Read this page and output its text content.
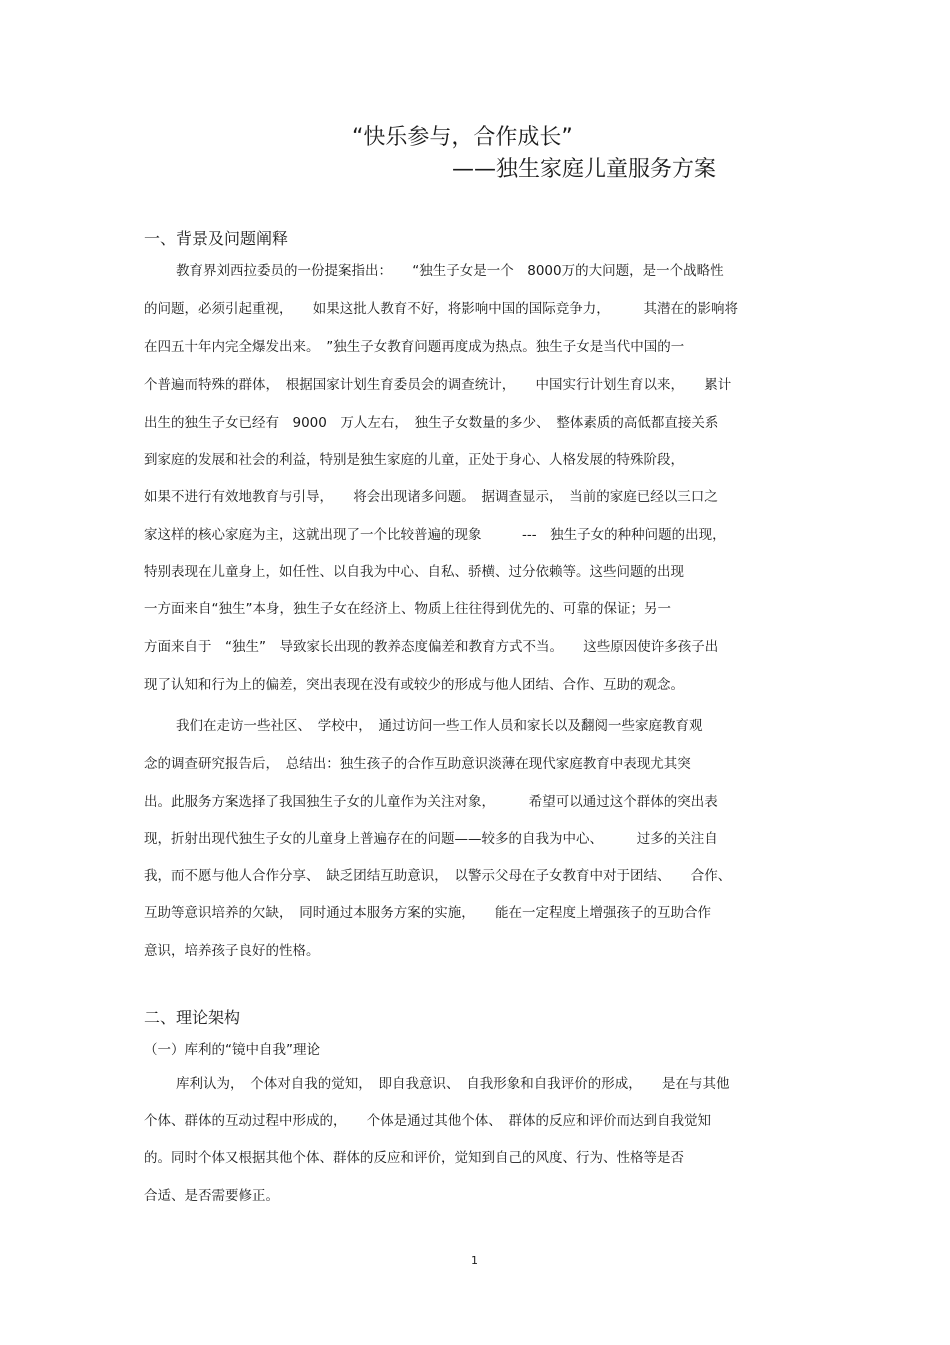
“快乐参与，合作成长”
——独生家庭儿童服务方案
一、背景及问题阐释
教育界刘西拉委员的一份提案指出：　　“独生子女是一个　8000万的大问题，是一个战略性
的问题，必须引起重视，　　如果这批人教育不好，将影响中国的国际竞争力，　　　其潜在的影响将
在四五十年内完全爆发出来。　”独生子女教育问题再度成为热点。独生子女是当代中国的一
个普遍而特殊的群体，　根据国家计划生育委员会的调查统计，　　中国实行计划生育以来，　　累计
出生的独生子女已经有　9000　万人左右，　独生子女数量的多少、　整体素质的高低都直接关系
到家庭的发展和社会的利益，特别是独生家庭的儿童，正处于身心、人格发展的特殊阶段，
如果不进行有效地教育与引导，　　将会出现诸多问题。　据调查显示，　当前的家庭已经以三口之
家这样的核心家庭为主，这就出现了一个比较普遍的现象　　　---　独生子女的种种问题的出现，
特别表现在儿童身上，如任性、以自我为中心、自私、骄横、过分依赖等。这些问题的出现
一方面来自“独生”本身，独生子女在经济上、物质上往往得到优先的、可靠的保证；另一
方面来自于　“独生”　导致家长出现的教养态度偏差和教育方式不当。　　这些原因使许多孩子出
现了认知和行为上的偏差，突出表现在没有或较少的形成与他人团结、合作、互助的观念。
我们在走访一些社区、　学校中，　通过访问一些工作人员和家长以及翻阅一些家庭教育观
念的调查研究报告后，　总结出：独生孩子的合作互助意识淡薄在现代家庭教育中表现尤其突
出。此服务方案选择了我国独生子女的儿童作为关注对象，　　　希望可以通过这个群体的突出表
现，折射出现代独生子女的儿童身上普遍存在的问题——较多的自我为中心、　　　过多的关注自
我，而不愿与他人合作分享、　缺乏团结互助意识，　以警示父母在子女教育中对于团结、　　合作、
互助等意识培养的欠缺，　同时通过本服务方案的实施，　　能在一定程度上增强孩子的互助合作
意识，培养孩子良好的性格。
二、理论架构
（一）库利的“镜中自我”理论
库利认为，　个体对自我的觉知，　即自我意识、　自我形象和自我评价的形成，　　是在与其他
个体、群体的互动过程中形成的，　　个体是通过其他个体、　群体的反应和评价而达到自我觉知
的。同时个体又根据其他个体、群体的反应和评价，觉知到自己的风度、行为、性格等是否
合适、是否需要修正。
1
